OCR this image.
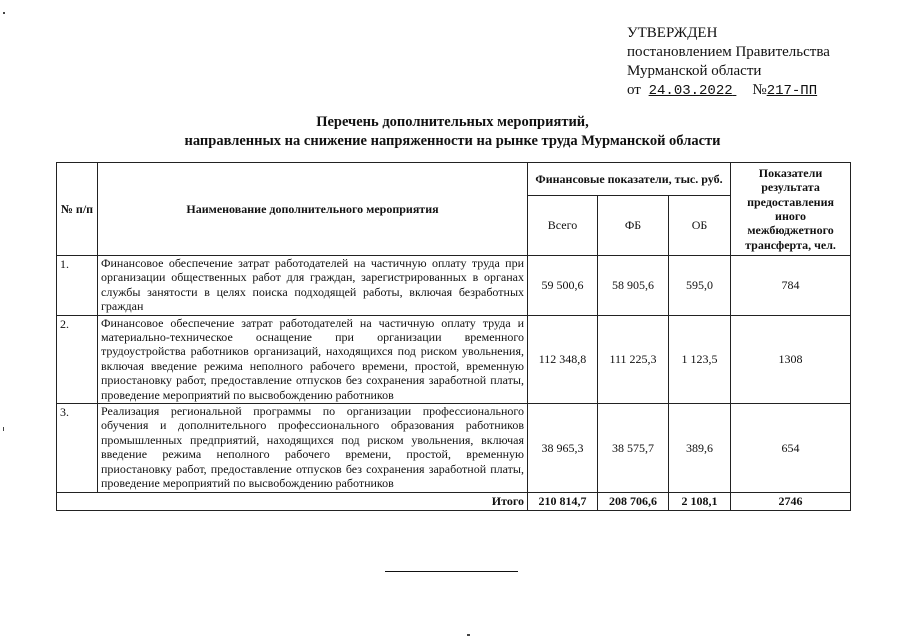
УТВЕРЖДЕН
постановлением Правительства
Мурманской области
от 24.03.2022 №217-ПП
Перечень дополнительных мероприятий,
направленных на снижение напряженности на рынке труда Мурманской области
№ п/п	Наименование дополнительного мероприятия	Финансовые показатели, тыс. руб.			Показатели результата предоставления иного межбюджетного трансферта, чел.
		Всего	ФБ	ОБ	
1.	Финансовое обеспечение затрат работодателей на частичную оплату труда при организации общественных работ для граждан, зарегистрированных в органах службы занятости в целях поиска подходящей работы, включая безработных граждан	59 500,6	58 905,6	595,0	784
2.	Финансовое обеспечение затрат работодателей на частичную оплату труда и материально-техническое оснащение при организации временного трудоустройства работников организаций, находящихся под риском увольнения, включая введение режима неполного рабочего времени, простой, временную приостановку работ, предоставление отпусков без сохранения заработной платы, проведение мероприятий по высвобождению работников	112 348,8	111 225,3	1 123,5	1308
3.	Реализация региональной программы по организации профессионального обучения и дополнительного профессионального образования работников промышленных предприятий, находящихся под риском увольнения, включая введение режима неполного рабочего времени, простой, временную приостановку работ, предоставление отпусков без сохранения заработной платы, проведение мероприятий по высвобождению работников	38 965,3	38 575,7	389,6	654
Итого		210 814,7	208 706,6	2 108,1	2746
